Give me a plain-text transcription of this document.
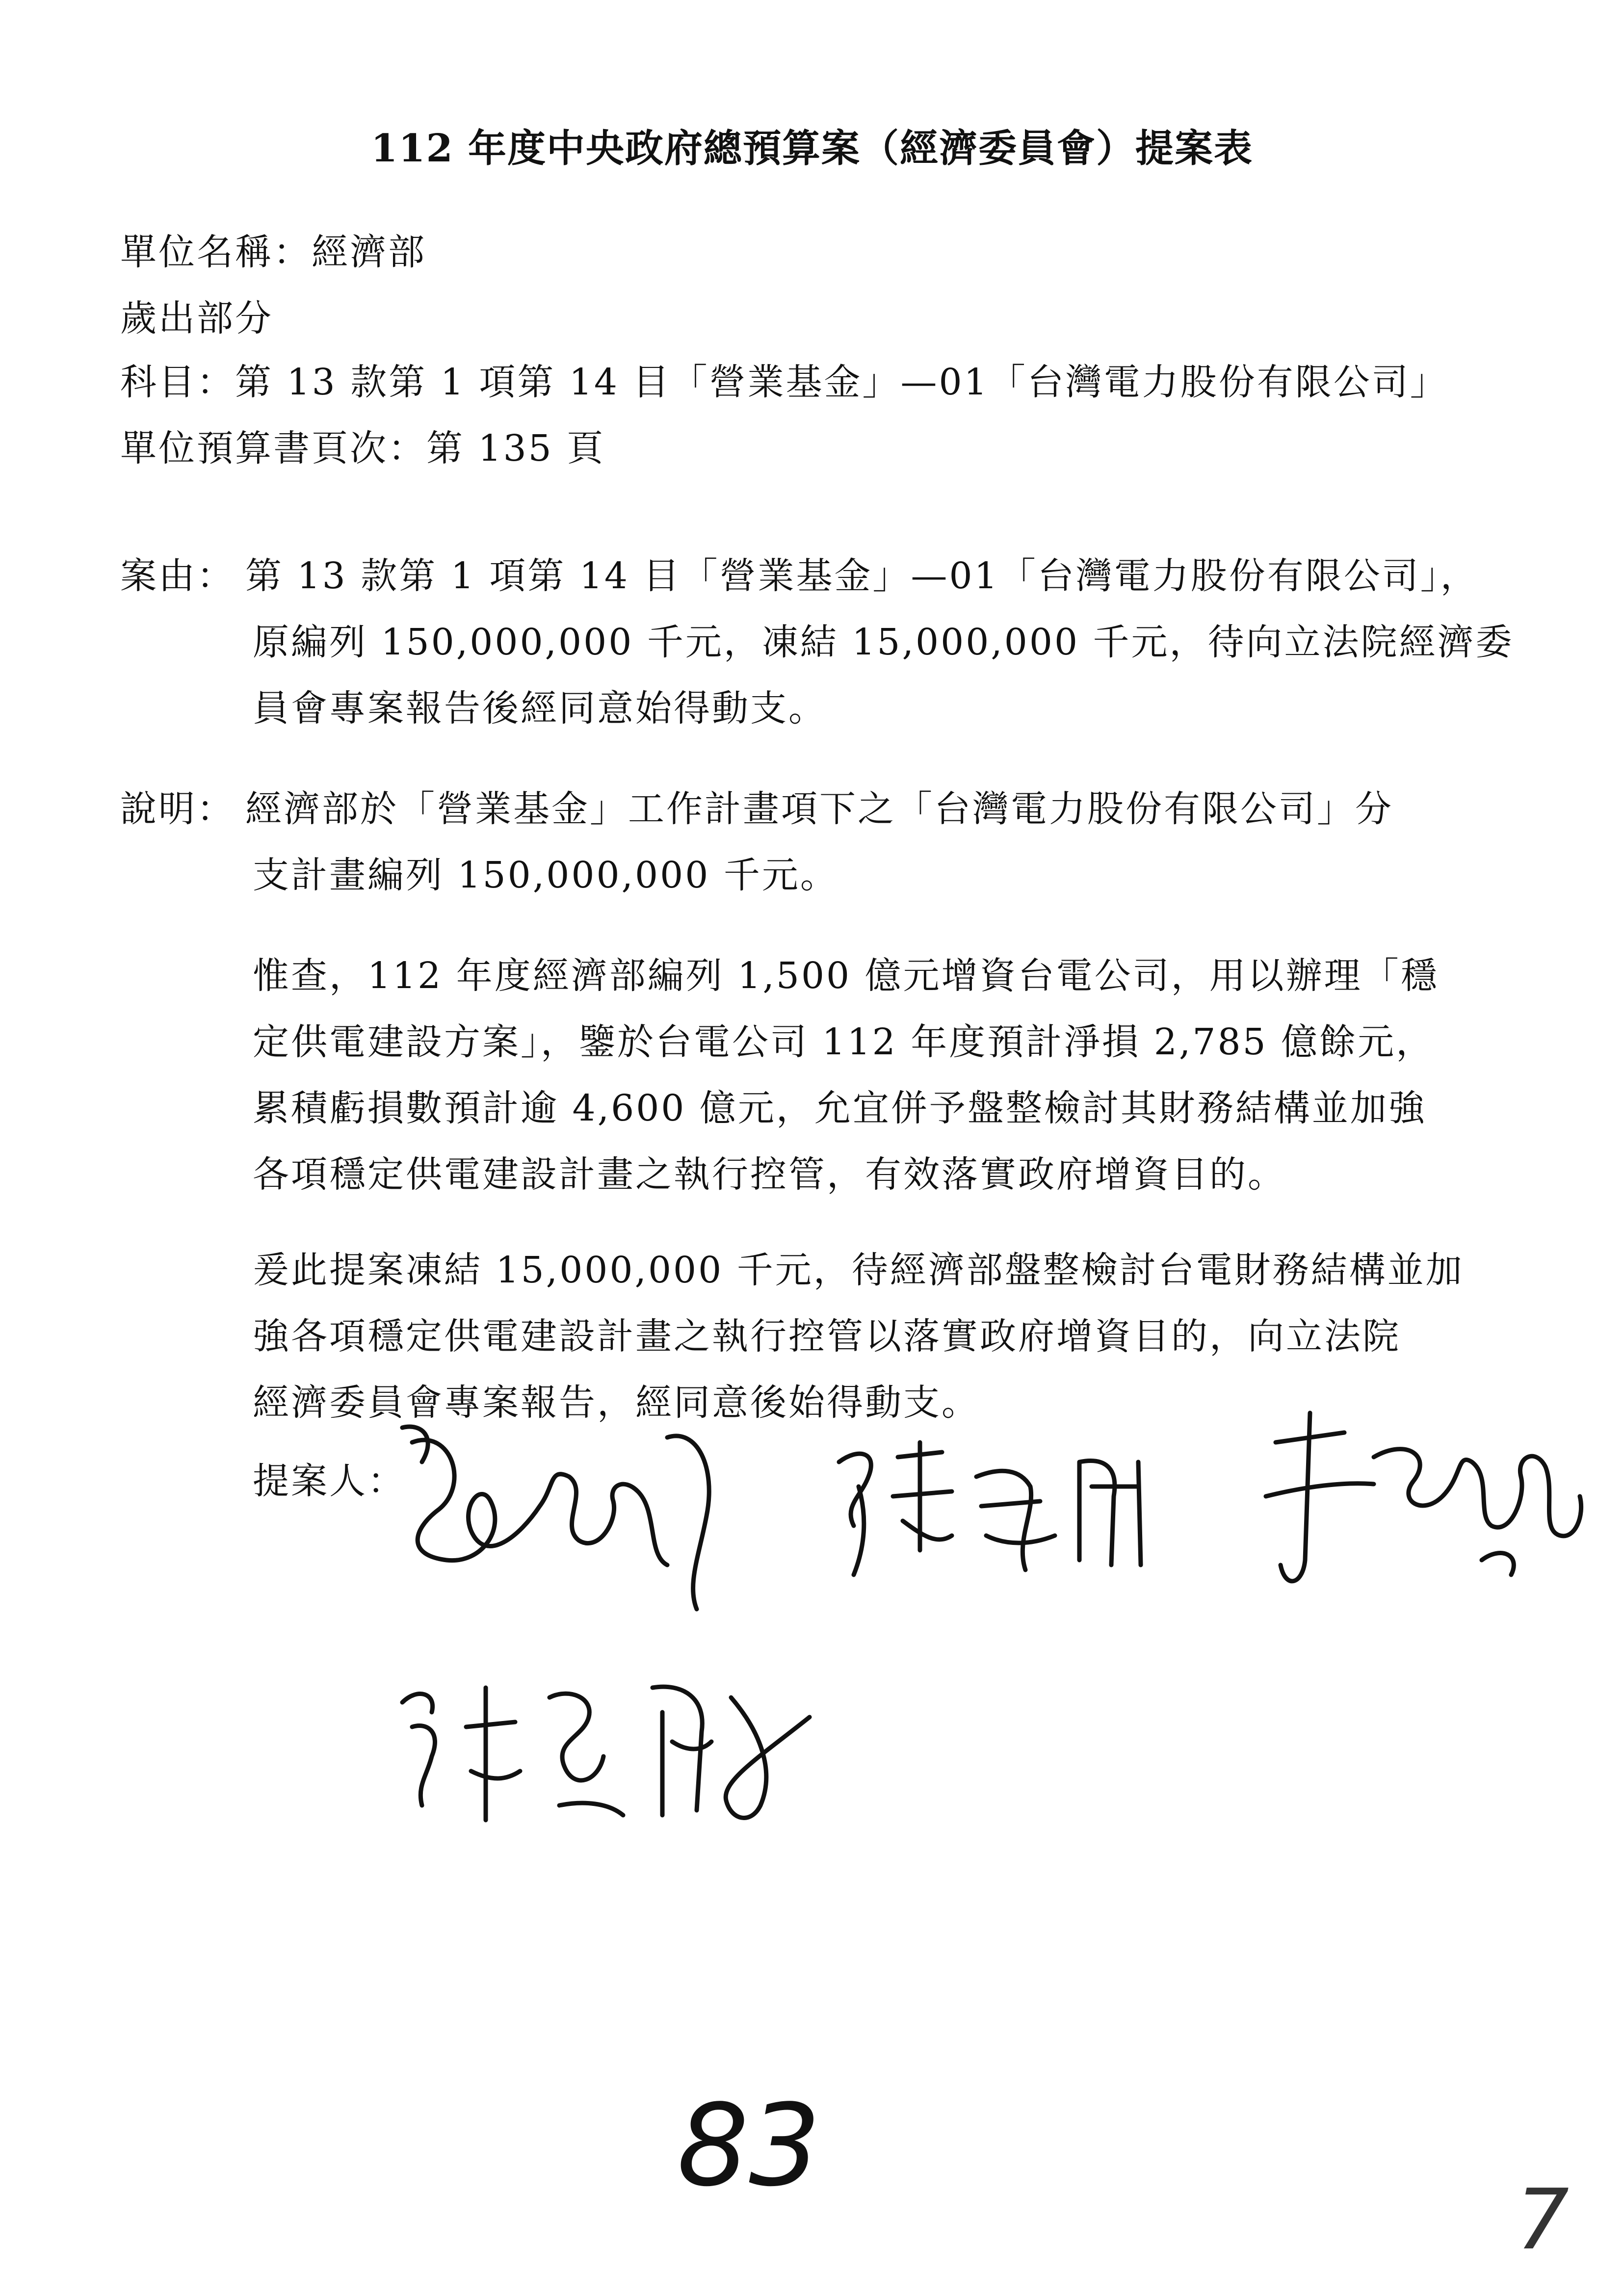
112 年度中央政府總預算案（經濟委員會）提案表
單位名稱：經濟部
歲出部分
科目：第 13 款第 1 項第 14 目「營業基金」—01「台灣電力股份有限公司」
單位預算書頁次：第 135 頁
案由： 第 13 款第 1 項第 14 目「營業基金」—01「台灣電力股份有限公司」，
原編列 150,000,000 千元，凍結 15,000,000 千元，待向立法院經濟委
員會專案報告後經同意始得動支。
說明： 經濟部於「營業基金」工作計畫項下之「台灣電力股份有限公司」分
支計畫編列 150,000,000 千元。
惟查，112 年度經濟部編列 1,500 億元增資台電公司，用以辦理「穩
定供電建設方案」，鑒於台電公司 112 年度預計淨損 2,785 億餘元，
累積虧損數預計逾 4,600 億元，允宜併予盤整檢討其財務結構並加強
各項穩定供電建設計畫之執行控管，有效落實政府增資目的。
爰此提案凍結 15,000,000 千元，待經濟部盤整檢討台電財務結構並加
強各項穩定供電建設計畫之執行控管以落實政府增資目的，向立法院
經濟委員會專案報告，經同意後始得動支。
提案人：
83
7
